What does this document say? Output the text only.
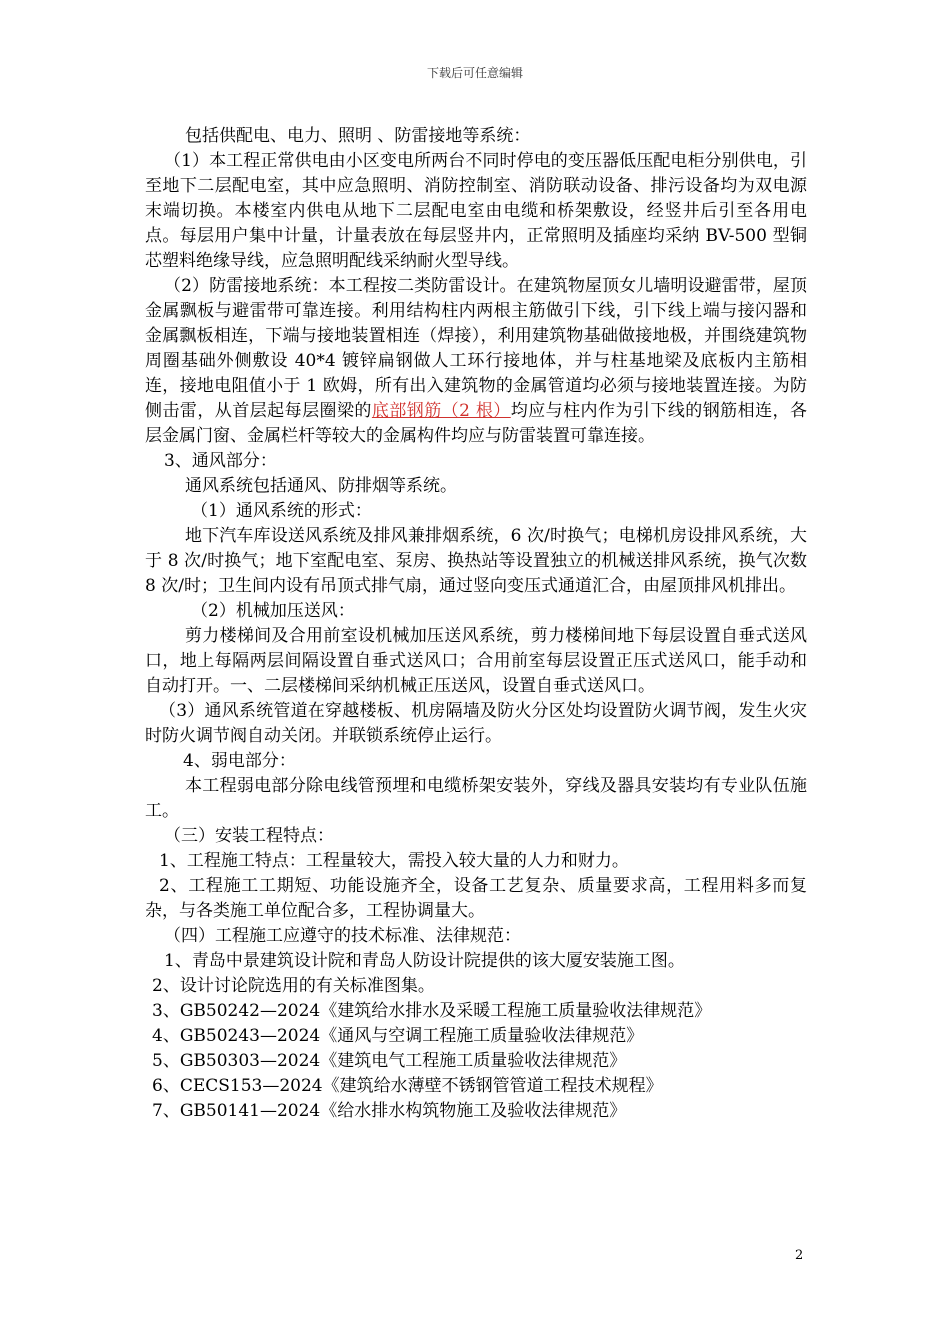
下载后可任意编辑

包括供配电、电力、照明 、防雷接地等系统：

（1）本工程正常供电由小区变电所两台不同时停电的变压器低压配电柜分别供电，引至地下二层配电室，其中应急照明、消防控制室、消防联动设备、排污设备均为双电源末端切换。本楼室内供电从地下二层配电室由电缆和桥架敷设，经竖井后引至各用电点。每层用户集中计量，计量表放在每层竖井内，正常照明及插座均采纳 BV-500 型铜芯塑料绝缘导线，应急照明配线采纳耐火型导线。

（2）防雷接地系统：本工程按二类防雷设计。在建筑物屋顶女儿墙明设避雷带，屋顶金属飘板与避雷带可靠连接。利用结构柱内两根主筋做引下线，引下线上端与接闪器和金属飘板相连，下端与接地装置相连（焊接），利用建筑物基础做接地极，并围绕建筑物周圈基础外侧敷设 40*4 镀锌扁钢做人工环行接地体，并与柱基地梁及底板内主筋相连，接地电阻值小于 1 欧姆，所有出入建筑物的金属管道均必须与接地装置连接。为防侧击雷，从首层起每层圈梁的底部钢筋（2 根）均应与柱内作为引下线的钢筋相连，各层金属门窗、金属栏杆等较大的金属构件均应与防雷装置可靠连接。

3、通风部分：

通风系统包括通风、防排烟等系统。

（1）通风系统的形式：

地下汽车库设送风系统及排风兼排烟系统，6 次/时换气；电梯机房设排风系统，大于 8 次/时换气；地下室配电室、泵房、换热站等设置独立的机械送排风系统，换气次数 8 次/时；卫生间内设有吊顶式排气扇，通过竖向变压式通道汇合，由屋顶排风机排出。

（2）机械加压送风：

剪力楼梯间及合用前室设机械加压送风系统，剪力楼梯间地下每层设置自垂式送风口，地上每隔两层间隔设置自垂式送风口；合用前室每层设置正压式送风口，能手动和自动打开。一、二层楼梯间采纳机械正压送风，设置自垂式送风口。

（3）通风系统管道在穿越楼板、机房隔墙及防火分区处均设置防火调节阀，发生火灾时防火调节阀自动关闭。并联锁系统停止运行。

4、弱电部分：

本工程弱电部分除电线管预埋和电缆桥架安装外，穿线及器具安装均有专业队伍施工。

（三）安装工程特点：

1、工程施工特点：工程量较大，需投入较大量的人力和财力。

2、工程施工工期短、功能设施齐全，设备工艺复杂、质量要求高，工程用料多而复杂，与各类施工单位配合多，工程协调量大。

（四）工程施工应遵守的技术标准、法律规范：

1、青岛中景建筑设计院和青岛人防设计院提供的该大厦安装施工图。

2、设计讨论院选用的有关标准图集。

3、GB50242—2024《建筑给水排水及采暖工程施工质量验收法律规范》

4、GB50243—2024《通风与空调工程施工质量验收法律规范》

5、GB50303—2024《建筑电气工程施工质量验收法律规范》

6、CECS153—2024《建筑给水薄壁不锈钢管管道工程技术规程》

7、GB50141—2024《给水排水构筑物施工及验收法律规范》

2
